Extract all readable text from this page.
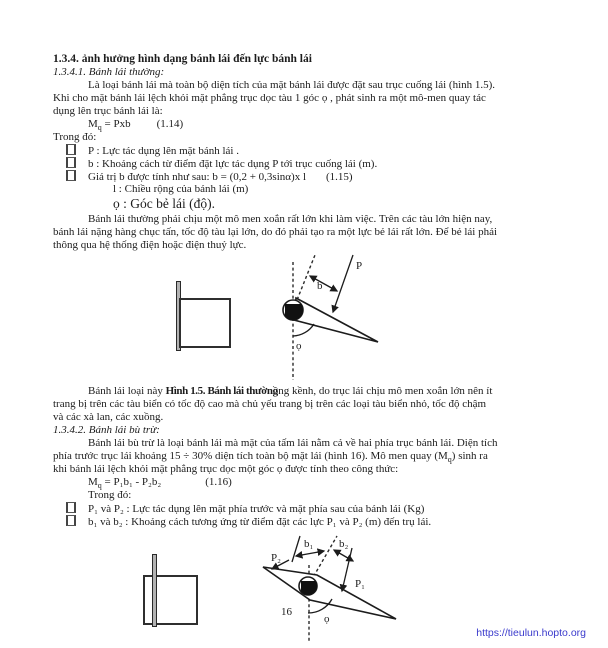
1.3.4. ảnh hưởng hình dạng bánh lái đến lực bánh lái
1.3.4.1. Bánh lái thường:
Là loại bánh lái mà toàn bộ diện tích của mặt bánh lái được đặt sau trục cuống lái (hình 1.5).
Khi cho mặt bánh lái lệch khỏi mặt phẳng trục dọc tàu 1 góc ọ , phát sinh ra một mô-men quay tác
dụng lên trục bánh lái là:
$M_q$ = Pxb (1.14)
Trong đó:
P : Lực tác dụng lên mặt bánh lái .
b : Khoảng cách từ điểm đặt lực tác dụng P tới trục cuống lái (m).
Giá trị b được tính như sau: b = (0,2 + 0,3sinα)x l (1.15)
l : Chiều rộng của bánh lái (m)
ọ : Góc bẻ lái (độ).
Bánh lái thường phải chịu một mô men xoắn rất lớn khi làm việc. Trên các tàu lớn hiện nay,
bánh lái nặng hàng chục tấn, tốc độ tàu lại lớn, do đó phải tạo ra một lực bẻ lái rất lớn. Để bẻ lái phải
thông qua hệ thống điện hoặc điện thuỷ lực.
P
b
ọ
Bánh lái loại này Hình 1.5. Bánh lái thườngồng kềnh, do trục lái chịu mô men xoắn lớn nên ít
trang bị trên các tàu biển có tốc độ cao mà chủ yếu trang bị trên các loại tàu biển nhỏ, tốc độ chậm
và các xà lan, các xuồng.
1.3.4.2. Bánh lái bù trừ:
Bánh lái bù trừ là loại bánh lái mà mặt của tấm lái nằm cả về hai phía trục bánh lái. Diện tích
phía trước trục lái khoảng 15 ÷ 30% diện tích toàn bộ mặt lái (hình 16). Mô men quay $(M_q)$ sinh ra
khi bánh lái lệch khỏi mặt phẳng trục dọc một góc ọ được tính theo công thức:
$M_q = P_1b_1 - P_2b_2$	(1.16)
Trong đó:
P₁ và P₂ : Lực tác dụng lên mặt phía trước và mặt phía sau của bánh lái (Kg)
b₁ và b₂ : Khoảng cách tương ứng từ điểm đặt các lực P₁ và P₂ (m) đến trụ lái.
P₂
P₁
b₁ b₂
ọ
16
https://tieulun.hopto.org
